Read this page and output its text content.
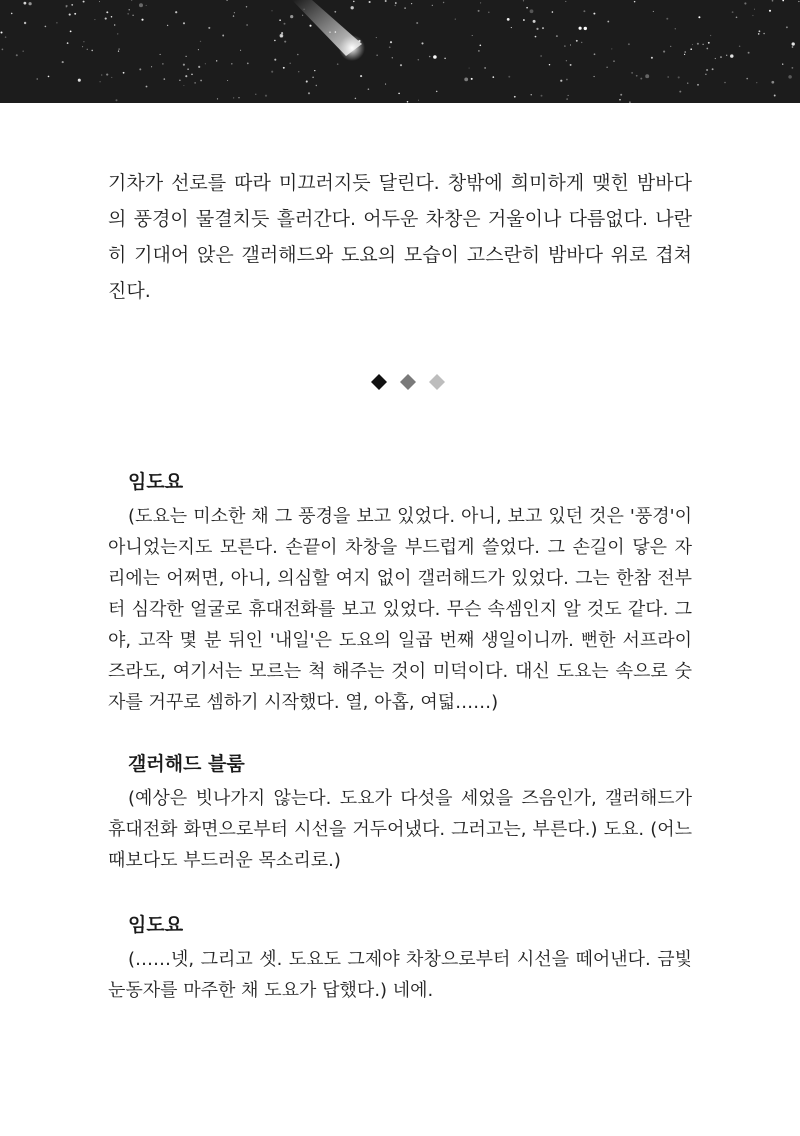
기차가 선로를 따라 미끄러지듯 달린다. 창밖에 희미하게 맺힌 밤바다의 풍경이 물결치듯 흘러간다. 어두운 차창은 거울이나 다름없다. 나란히 기대어 앉은 갤러해드와 도요의 모습이 고스란히 밤바다 위로 겹쳐진다.

임도요

(도요는 미소한 채 그 풍경을 보고 있었다. 아니, 보고 있던 것은 '풍경'이 아니었는지도 모른다. 손끝이 차창을 부드럽게 쓸었다. 그 손길이 닿은 자리에는 어쩌면, 아니, 의심할 여지 없이 갤러해드가 있었다. 그는 한참 전부터 심각한 얼굴로 휴대전화를 보고 있었다. 무슨 속셈인지 알 것도 같다. 그야, 고작 몇 분 뒤인 '내일'은 도요의 일곱 번째 생일이니까. 뻔한 서프라이즈라도, 여기서는 모르는 척 해주는 것이 미덕이다. 대신 도요는 속으로 숫자를 거꾸로 셈하기 시작했다. 열, 아홉, 여덟……)

갤러해드 블룸

(예상은 빗나가지 않는다. 도요가 다섯을 세었을 즈음인가, 갤러해드가 휴대전화 화면으로부터 시선을 거두어냈다. 그러고는, 부른다.) 도요. (어느 때보다도 부드러운 목소리로.)

임도요

(……넷, 그리고 셋. 도요도 그제야 차창으로부터 시선을 떼어낸다. 금빛 눈동자를 마주한 채 도요가 답했다.) 네에.
